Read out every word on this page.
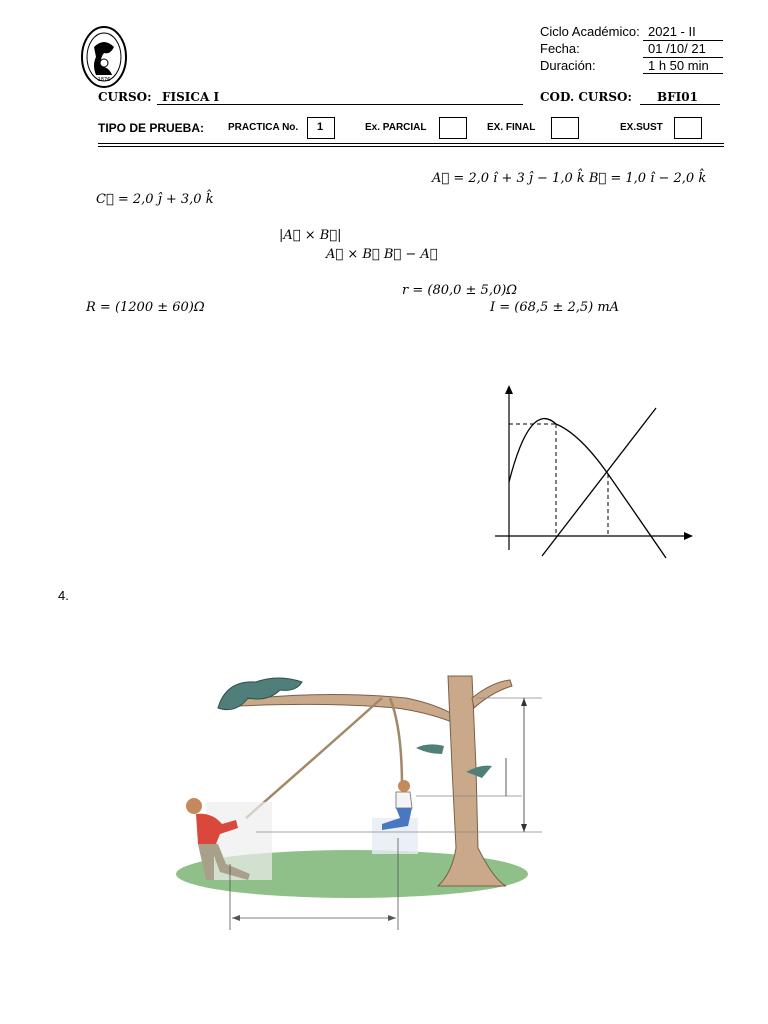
1876
Ciclo Académico: 2021 - II
Fecha:	01 /10/ 21
Duración:	1 h 50 min
CURSO: FISICA I	COD. CURSO: BFI01
TIPO DE PRUEBA: PRACTICA No. 1	Ex. PARCIAL	EX. FINAL	EX.SUST
A⃗ = 2,0 î + 3 ĵ − 1,0 k̂ B⃗ = 1,0 î − 2,0 k̂
C⃗ = 2,0 ĵ + 3,0 k̂
|A⃗ × B⃗|
A⃗ × B⃗ B⃗ − A⃗
r = (80,0 ± 5,0)Ω
R = (1200 ± 60)Ω	I = (68,5 ± 2,5) mA
4.
